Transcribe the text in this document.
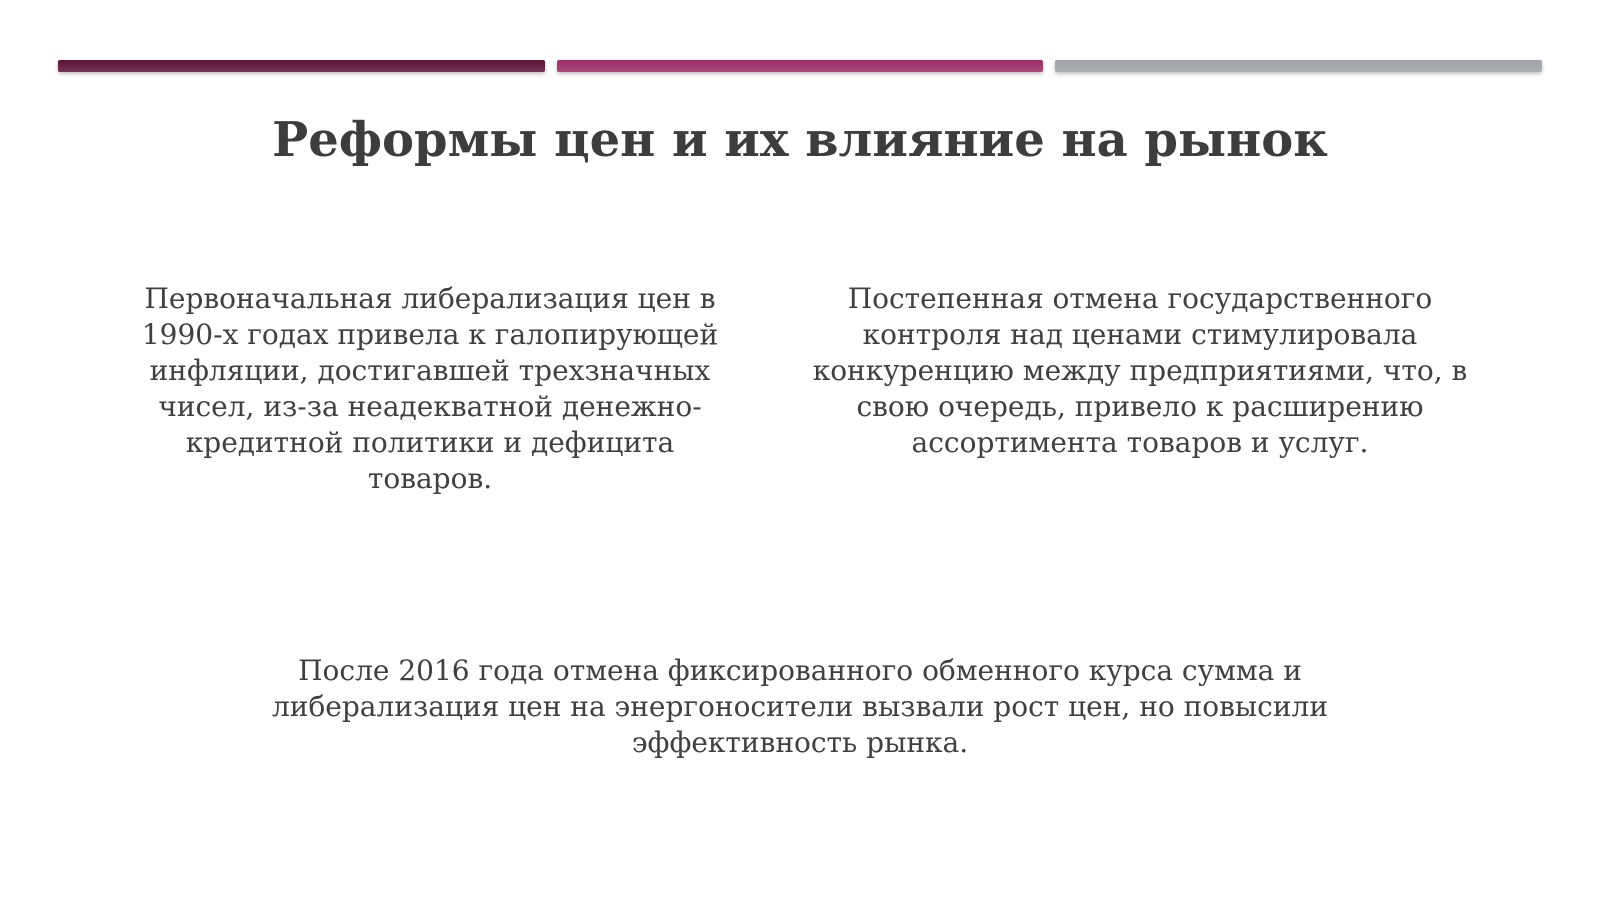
Реформы цен и их влияние на рынок
Первоначальная либерализация цен в 1990-х годах привела к галопирующей инфляции, достигавшей трехзначных чисел, из-за неадекватной денежно-кредитной политики и дефицита товаров.
Постепенная отмена государственного контроля над ценами стимулировала конкуренцию между предприятиями, что, в свою очередь, привело к расширению ассортимента товаров и услуг.
После 2016 года отмена фиксированного обменного курса сумма и либерализация цен на энергоносители вызвали рост цен, но повысили эффективность рынка.
